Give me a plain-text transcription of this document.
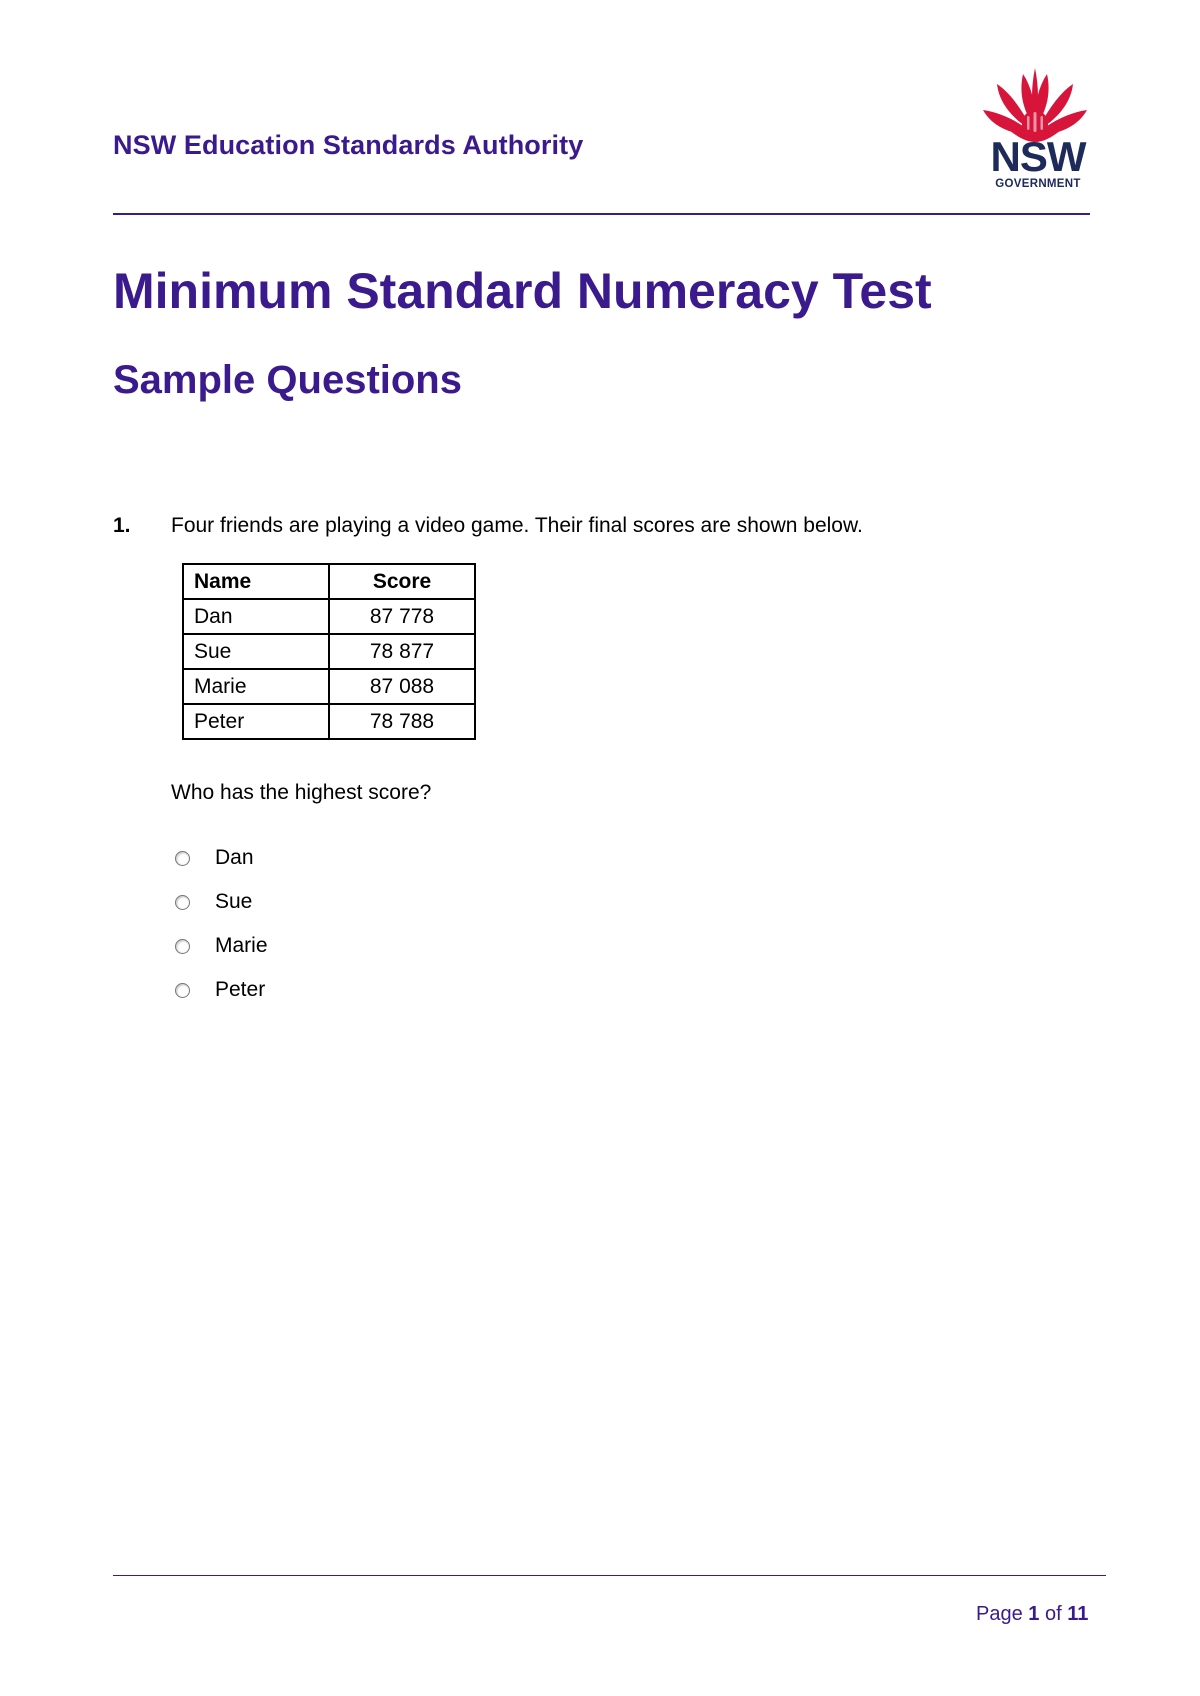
NSW Education Standards Authority	NSW
GOVERNMENT
Minimum Standard Numeracy Test
Sample Questions
1. Four friends are playing a video game. Their final scores are shown below.
Name	Score
Dan	87 778
Sue	78 877
Marie	87 088
Peter	78 788
Who has the highest score?
Dan
Sue
Marie
Peter
Page 1 of 11
